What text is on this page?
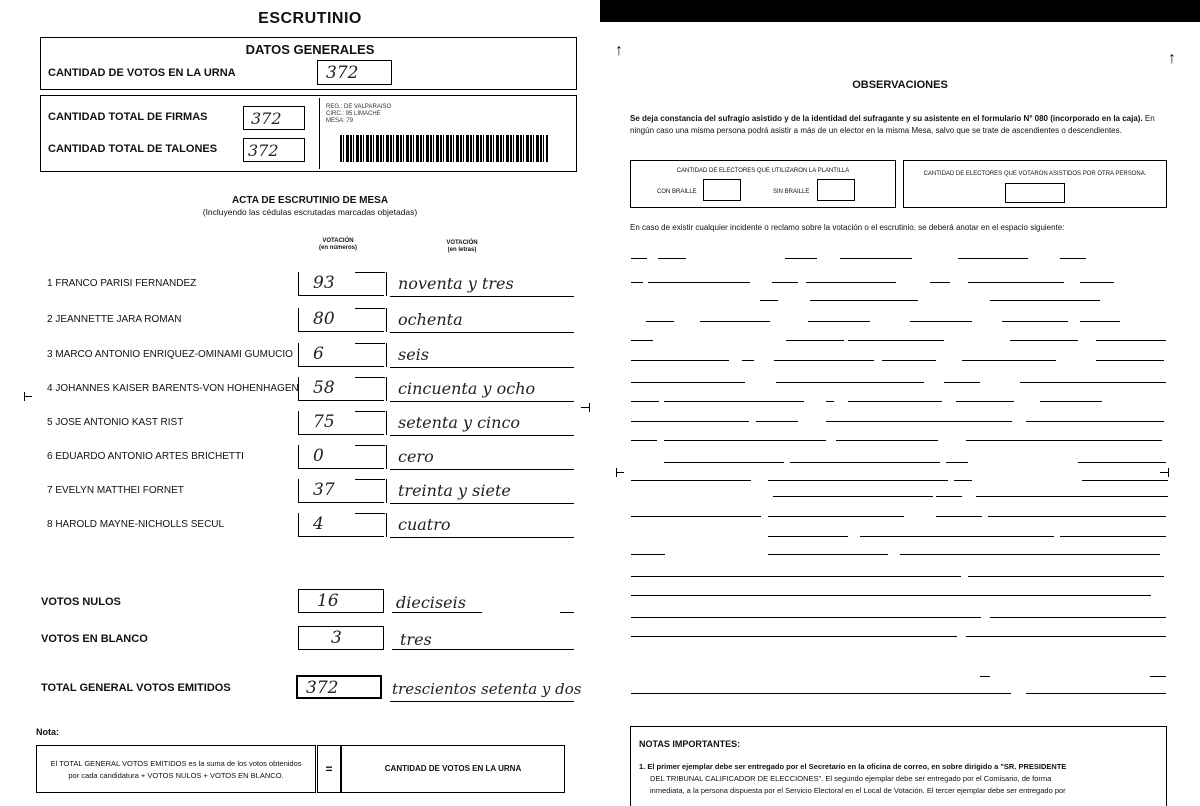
ESCRUTINIO
DATOS GENERALES
CANTIDAD DE VOTOS EN LA URNA	372
CANTIDAD TOTAL DE FIRMAS	372
CANTIDAD TOTAL DE TALONES 372
REG.: DE VALPARAISO
CIRC.: 95 LIMACHE
MESA: 79
ACTA DE ESCRUTINIO DE MESA
(Incluyendo las cédulas escrutadas marcadas objetadas)
VOTACIÓN
(en números)
VOTACIÓN
(en letras)
1 FRANCO PARISI FERNANDEZ	93	noventa y tres
2 JEANNETTE JARA ROMAN	80	ochenta
3 MARCO ANTONIO ENRIQUEZ-OMINAMI GUMUCIO 6	seis
4 JOHANNES KAISER BARENTS-VON HOHENHAGEN 58	cincuenta y ocho
5 JOSE ANTONIO KAST RIST	75	setenta y cinco
6 EDUARDO ANTONIO ARTES BRICHETTI	0	cero
7 EVELYN MATTHEI FORNET	37	treinta y siete
8 HAROLD MAYNE-NICHOLLS SECUL	4	cuatro
VOTOS NULOS	16	dieciseis
VOTOS EN BLANCO	3	tres
TOTAL GENERAL VOTOS EMITIDOS	372	trescientos setenta y dos
Nota:
El TOTAL GENERAL VOTOS EMITIDOS es la suma de los votos obtenidos
por cada candidatura + VOTOS NULOS + VOTOS EN BLANCO.	=	CANTIDAD DE VOTOS EN LA URNA
↑	↑
OBSERVACIONES
Se deja constancia del sufragio asistido y de la identidad del sufragante y su asistente en el formulario N° 080 (incorporado en la caja). En ningún caso una misma persona podrá asistir a más de un elector en la misma Mesa, salvo que se trate de ascendientes o descendientes.
CANTIDAD DE ELECTORES QUE UTILIZARON LA PLANTILLA
CON BRAILLE	SIN BRAILLE
CANTIDAD DE ELECTORES QUE VOTARON ASISTIDOS POR OTRA PERSONA:
En caso de existir cualquier incidente o reclamo sobre la votación o el escrutinio, se deberá anotar en el espacio siguiente:
NOTAS IMPORTANTES:
1. El primer ejemplar debe ser entregado por el Secretario en la oficina de correo, en sobre dirigido a "SR. PRESIDENTE
DEL TRIBUNAL CALIFICADOR DE ELECCIONES". El segundo ejemplar debe ser entregado por el Comisario, de forma
inmediata, a la persona dispuesta por el Servicio Electoral en el Local de Votación. El tercer ejemplar debe ser entregado por
